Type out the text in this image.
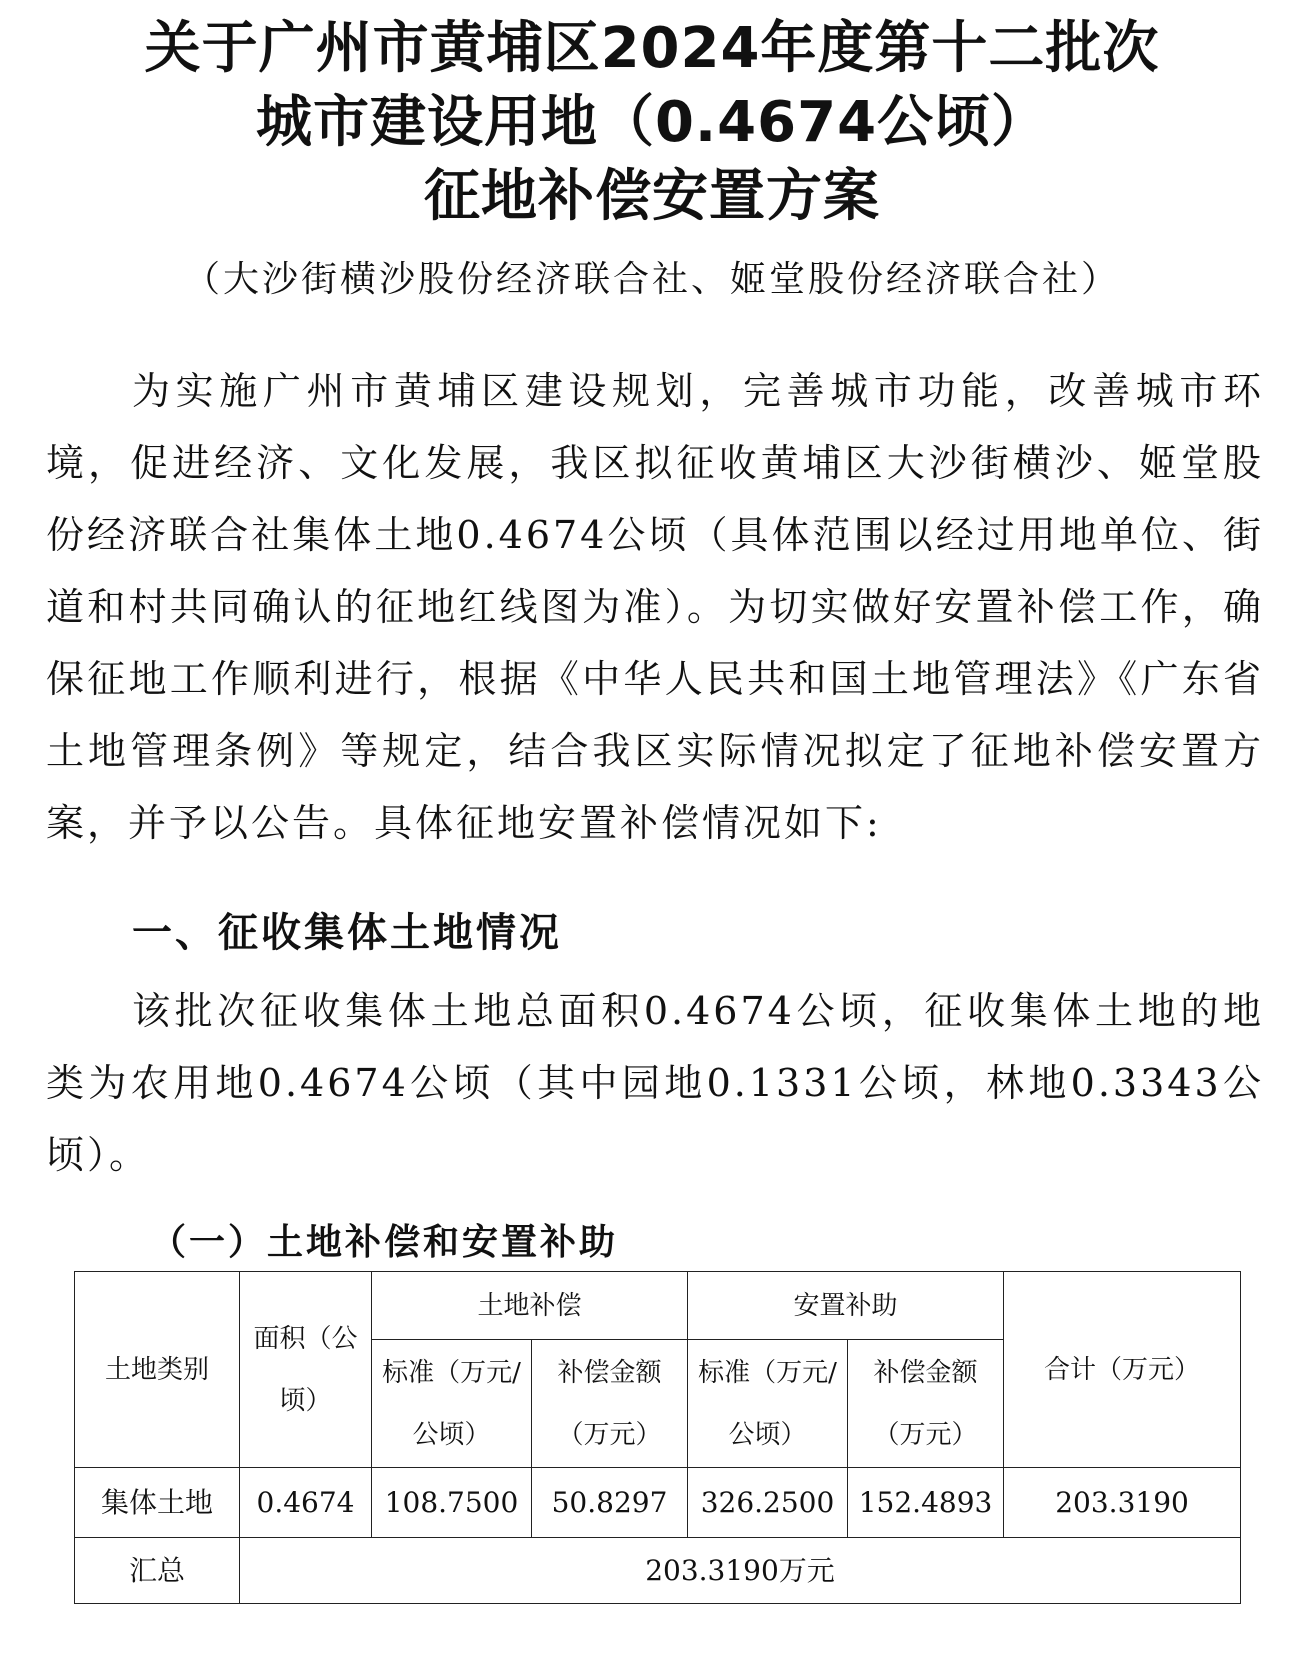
关于广州市黄埔区2024年度第十二批次
城市建设用地（0.4674公顷）
征地补偿安置方案
（大沙街横沙股份经济联合社、姬堂股份经济联合社）

为实施广州市黄埔区建设规划，完善城市功能，改善城市环境，促进经济、文化发展，我区拟征收黄埔区大沙街横沙、姬堂股份经济联合社集体土地0.4674公顷（具体范围以经过用地单位、街道和村共同确认的征地红线图为准）。为切实做好安置补偿工作，确保征地工作顺利进行，根据《中华人民共和国土地管理法》《广东省土地管理条例》等规定，结合我区实际情况拟定了征地补偿安置方案，并予以公告。具体征地安置补偿情况如下:

一、征收集体土地情况

该批次征收集体土地总面积0.4674公顷，征收集体土地的地类为农用地0.4674公顷（其中园地0.1331公顷，林地0.3343公顷）。

（一）土地补偿和安置补助
土地类别	面积（公顷）	土地补偿		安置补助		合计（万元）
		标准（万元/公顷）	补偿金额（万元）	标准（万元/公顷）	补偿金额（万元）	
集体土地	0.4674	108.7500	50.8297	326.2500	152.4893	203.3190
汇总	203.3190万元					
